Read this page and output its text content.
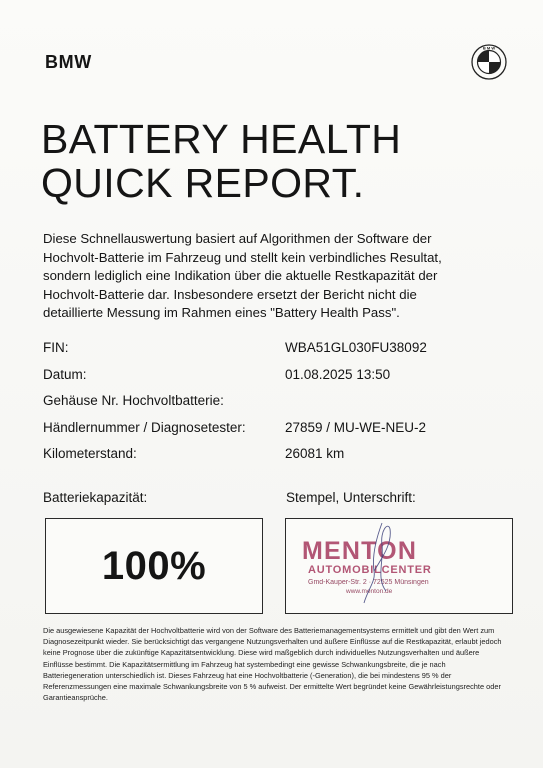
BMW
B M W
BATTERY HEALTH
QUICK REPORT.
Diese Schnellauswertung basiert auf Algorithmen der Software der Hochvolt-Batterie im Fahrzeug und stellt kein verbindliches Resultat, sondern lediglich eine Indikation über die aktuelle Restkapazität der Hochvolt-Batterie dar. Insbesondere ersetzt der Bericht nicht die detaillierte Messung im Rahmen eines "Battery Health Pass".
FIN:	WBA51GL030FU38092
Datum:	01.08.2025 13:50
Gehäuse Nr. Hochvoltbatterie:
Händlernummer / Diagnosetester:	27859 / MU-WE-NEU-2
Kilometerstand:	26081 km
Batteriekapazität:	Stempel, Unterschrift:
100%	MENTON
AUTOMOBILCENTER
Gmd-Kauper-Str. 2 · 72525 Münsingen
www.menton.de
Die ausgewiesene Kapazität der Hochvoltbatterie wird von der Software des Batteriemanagementsystems ermittelt und gibt den Wert zum Diagnosezeitpunkt wieder. Sie berücksichtigt das vergangene Nutzungsverhalten und äußere Einflüsse auf die Restkapazität, erlaubt jedoch keine Prognose über die zukünftige Kapazitätsentwicklung. Diese wird maßgeblich durch individuelles Nutzungsverhalten und äußere Einflüsse bestimmt. Die Kapazitätsermittlung im Fahrzeug hat systembedingt eine gewisse Schwankungsbreite, die je nach Batteriegeneration unterschiedlich ist. Dieses Fahrzeug hat eine Hochvoltbatterie (-Generation), die bei mindestens 95 % der Referenzmessungen eine maximale Schwankungsbreite von 5 % aufweist. Der ermittelte Wert begründet keine Gewährleistungsrechte oder Garantieansprüche.
